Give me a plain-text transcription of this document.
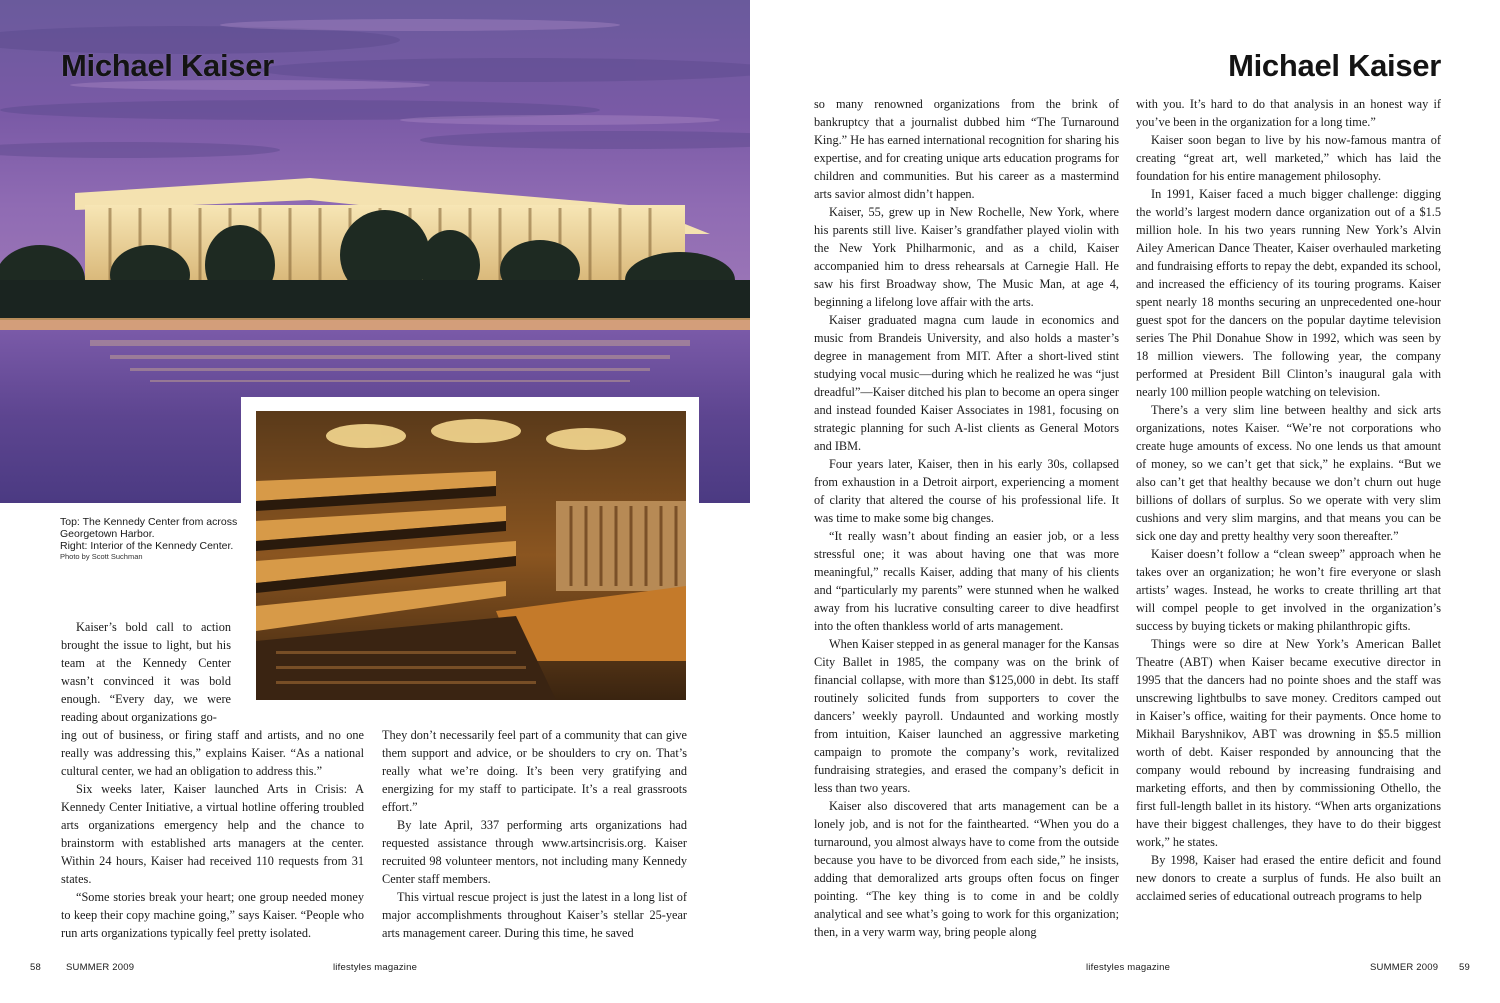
Michael Kaiser

Top: The Kennedy Center from across Georgetown Harbor.

Right: Interior of the Kennedy Center.

Photo by Scott Suchman

Kaiser’s bold call to action brought the issue to light, but his team at the Kennedy Center wasn’t convinced it was bold enough. “Every day, we were reading about organizations go-

ing out of business, or firing staff and artists, and no one really was addressing this,” explains Kaiser. “As a national cultural center, we had an obligation to address this.”

Six weeks later, Kaiser launched Arts in Crisis: A Kennedy Center Initiative, a virtual hotline offering troubled arts organizations emergency help and the chance to brainstorm with established arts managers at the center. Within 24 hours, Kaiser had received 110 requests from 31 states.

“Some stories break your heart; one group needed money to keep their copy machine going,” says Kaiser. “People who run arts organizations typically feel pretty isolated.

They don’t necessarily feel part of a community that can give them support and advice, or be shoulders to cry on. That’s really what we’re doing. It’s been very gratifying and energizing for my staff to participate. It’s a real grassroots effort.”

By late April, 337 performing arts organizations had requested assistance through www.artsincrisis.org. Kaiser recruited 98 volunteer mentors, not including many Kennedy Center staff members.

This virtual rescue project is just the latest in a long list of major accomplishments throughout Kaiser’s stellar 25-year arts management career. During this time, he saved

58	SUMMER 2009	lifestyles magazine
Michael Kaiser

so many renowned organizations from the brink of bankruptcy that a journalist dubbed him “The Turnaround King.” He has earned international recognition for sharing his expertise, and for creating unique arts education programs for children and communities. But his career as a mastermind arts savior almost didn’t happen.

Kaiser, 55, grew up in New Rochelle, New York, where his parents still live. Kaiser’s grandfather played violin with the New York Philharmonic, and as a child, Kaiser accompanied him to dress rehearsals at Carnegie Hall. He saw his first Broadway show, The Music Man, at age 4, beginning a lifelong love affair with the arts.

Kaiser graduated magna cum laude in economics and music from Brandeis University, and also holds a master’s degree in management from MIT. After a short-lived stint studying vocal music—during which he realized he was “just dreadful”—Kaiser ditched his plan to become an opera singer and instead founded Kaiser Associates in 1981, focusing on strategic planning for such A-list clients as General Motors and IBM.

Four years later, Kaiser, then in his early 30s, collapsed from exhaustion in a Detroit airport, experiencing a moment of clarity that altered the course of his professional life. It was time to make some big changes.

“It really wasn’t about finding an easier job, or a less stressful one; it was about having one that was more meaningful,” recalls Kaiser, adding that many of his clients and “particularly my parents” were stunned when he walked away from his lucrative consulting career to dive headfirst into the often thankless world of arts management.

When Kaiser stepped in as general manager for the Kansas City Ballet in 1985, the company was on the brink of financial collapse, with more than $125,000 in debt. Its staff routinely solicited funds from supporters to cover the dancers’ weekly payroll. Undaunted and working mostly from intuition, Kaiser launched an aggressive marketing campaign to promote the company’s work, revitalized fundraising strategies, and erased the company’s deficit in less than two years.

Kaiser also discovered that arts management can be a lonely job, and is not for the fainthearted. “When you do a turnaround, you almost always have to come from the outside because you have to be divorced from each side,” he insists, adding that demoralized arts groups often focus on finger pointing. “The key thing is to come in and be coldly analytical and see what’s going to work for this organization; then, in a very warm way, bring people along

with you. It’s hard to do that analysis in an honest way if you’ve been in the organization for a long time.”

Kaiser soon began to live by his now-famous mantra of creating “great art, well marketed,” which has laid the foundation for his entire management philosophy.

In 1991, Kaiser faced a much bigger challenge: digging the world’s largest modern dance organization out of a $1.5 million hole. In his two years running New York’s Alvin Ailey American Dance Theater, Kaiser overhauled marketing and fundraising efforts to repay the debt, expanded its school, and increased the efficiency of its touring programs. Kaiser spent nearly 18 months securing an unprecedented one-hour guest spot for the dancers on the popular daytime television series The Phil Donahue Show in 1992, which was seen by 18 million viewers. The following year, the company performed at President Bill Clinton’s inaugural gala with nearly 100 million people watching on television.

There’s a very slim line between healthy and sick arts organizations, notes Kaiser. “We’re not corporations who create huge amounts of excess. No one lends us that amount of money, so we can’t get that sick,” he explains. “But we also can’t get that healthy because we don’t churn out huge billions of dollars of surplus. So we operate with very slim cushions and very slim margins, and that means you can be sick one day and pretty healthy very soon thereafter.”

Kaiser doesn’t follow a “clean sweep” approach when he takes over an organization; he won’t fire everyone or slash artists’ wages. Instead, he works to create thrilling art that will compel people to get involved in the organization’s success by buying tickets or making philanthropic gifts.

Things were so dire at New York’s American Ballet Theatre (ABT) when Kaiser became executive director in 1995 that the dancers had no pointe shoes and the staff was unscrewing lightbulbs to save money. Creditors camped out in Kaiser’s office, waiting for their payments. Once home to Mikhail Baryshnikov, ABT was drowning in $5.5 million worth of debt. Kaiser responded by announcing that the company would rebound by increasing fundraising and marketing efforts, and then by commissioning Othello, the first full-length ballet in its history. “When arts organizations have their biggest challenges, they have to do their biggest work,” he states.

By 1998, Kaiser had erased the entire deficit and found new donors to create a surplus of funds. He also built an acclaimed series of educational outreach programs to help

lifestyles magazine	SUMMER 2009 59
